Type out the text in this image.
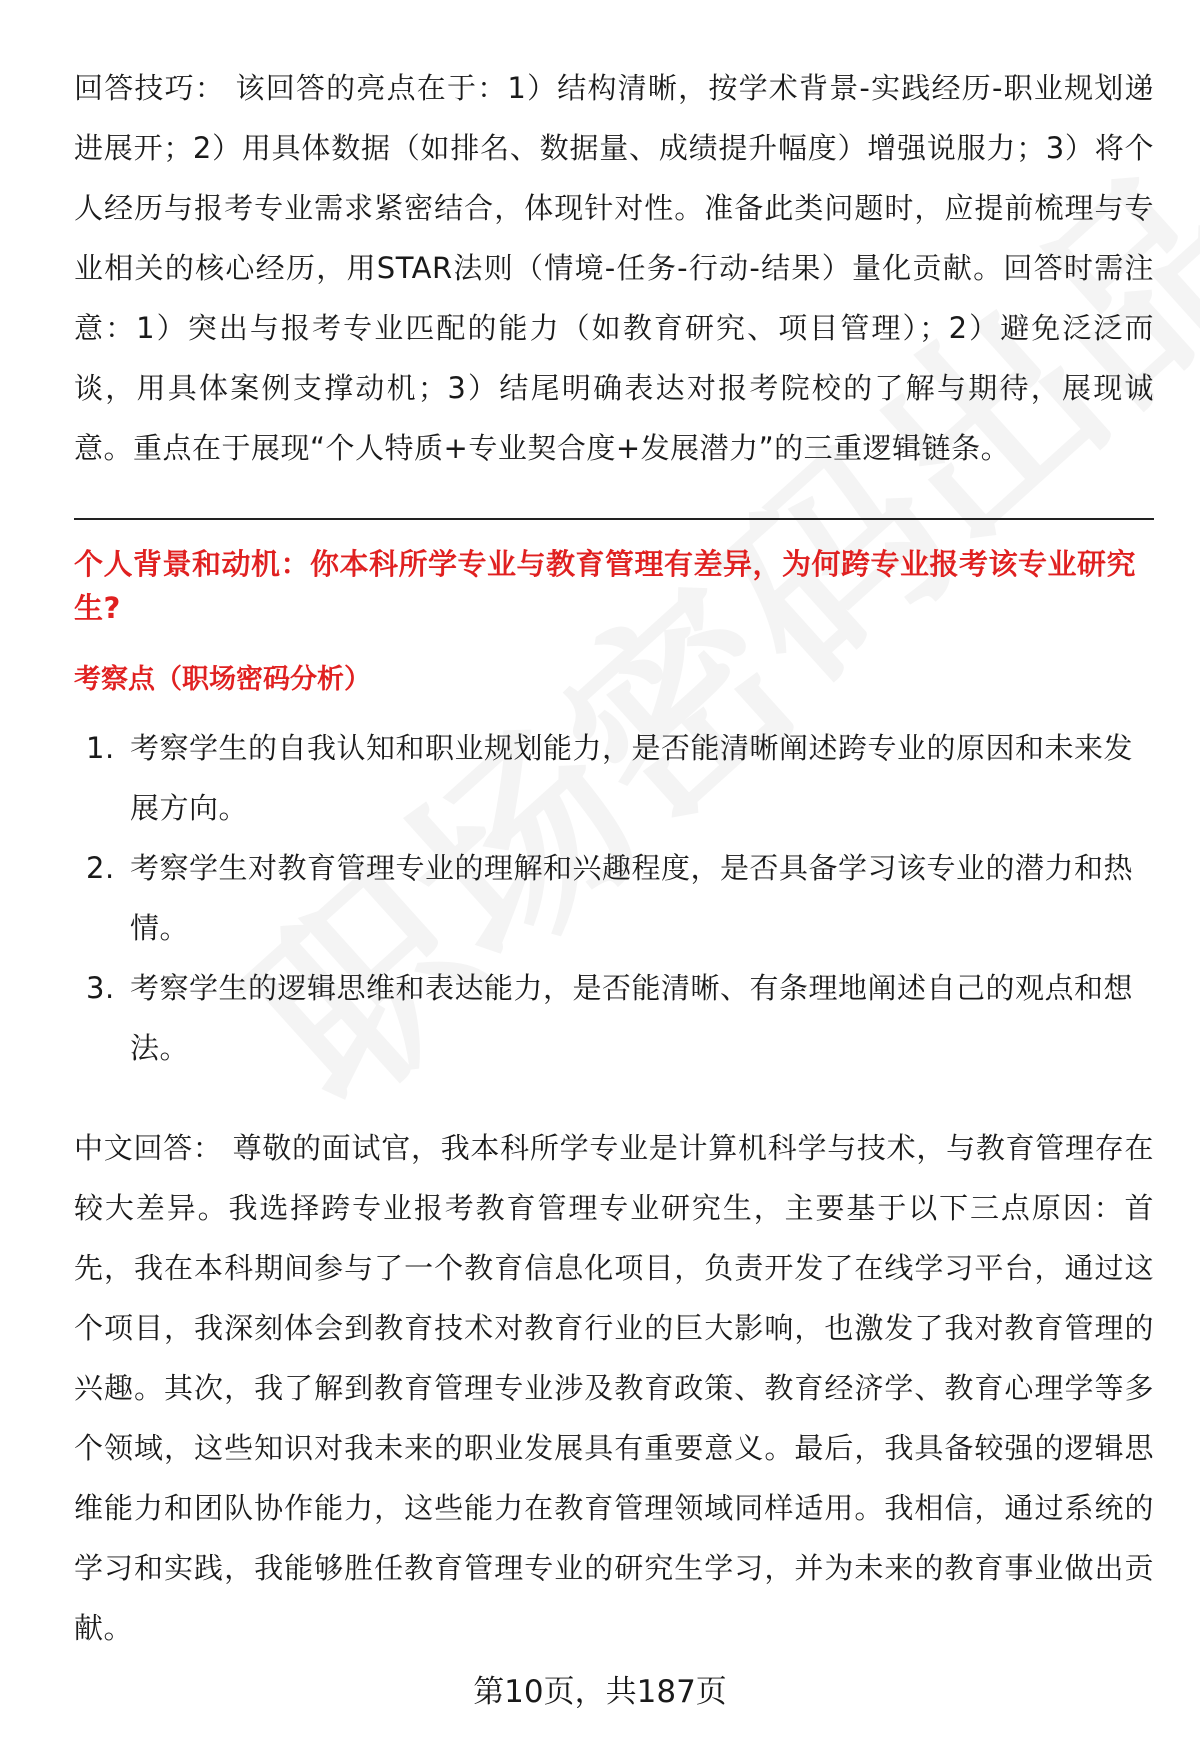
回答技巧： 该回答的亮点在于：1）结构清晰，按学术背景-实践经历-职业规划递进展开；2）用具体数据（如排名、数据量、成绩提升幅度）增强说服力；3）将个人经历与报考专业需求紧密结合，体现针对性。准备此类问题时，应提前梳理与专业相关的核心经历，用STAR法则（情境-任务-行动-结果）量化贡献。回答时需注意：1）突出与报考专业匹配的能力（如教育研究、项目管理）；2）避免泛泛而谈，用具体案例支撑动机；3）结尾明确表达对报考院校的了解与期待，展现诚意。重点在于展现“个人特质+专业契合度+发展潜力”的三重逻辑链条。

个人背景和动机：你本科所学专业与教育管理有差异，为何跨专业报考该专业研究生?

考察点（职场密码分析）
1. 考察学生的自我认知和职业规划能力，是否能清晰阐述跨专业的原因和未来发展方向。
2. 考察学生对教育管理专业的理解和兴趣程度，是否具备学习该专业的潜力和热情。
3. 考察学生的逻辑思维和表达能力，是否能清晰、有条理地阐述自己的观点和想法。

中文回答： 尊敬的面试官，我本科所学专业是计算机科学与技术，与教育管理存在较大差异。我选择跨专业报考教育管理专业研究生，主要基于以下三点原因：首先，我在本科期间参与了一个教育信息化项目，负责开发了在线学习平台，通过这个项目，我深刻体会到教育技术对教育行业的巨大影响，也激发了我对教育管理的兴趣。其次，我了解到教育管理专业涉及教育政策、教育经济学、教育心理学等多个领域，这些知识对我未来的职业发展具有重要意义。最后，我具备较强的逻辑思维能力和团队协作能力，这些能力在教育管理领域同样适用。我相信，通过系统的学习和实践，我能够胜任教育管理专业的研究生学习，并为未来的教育事业做出贡献。

第10页，共187页
